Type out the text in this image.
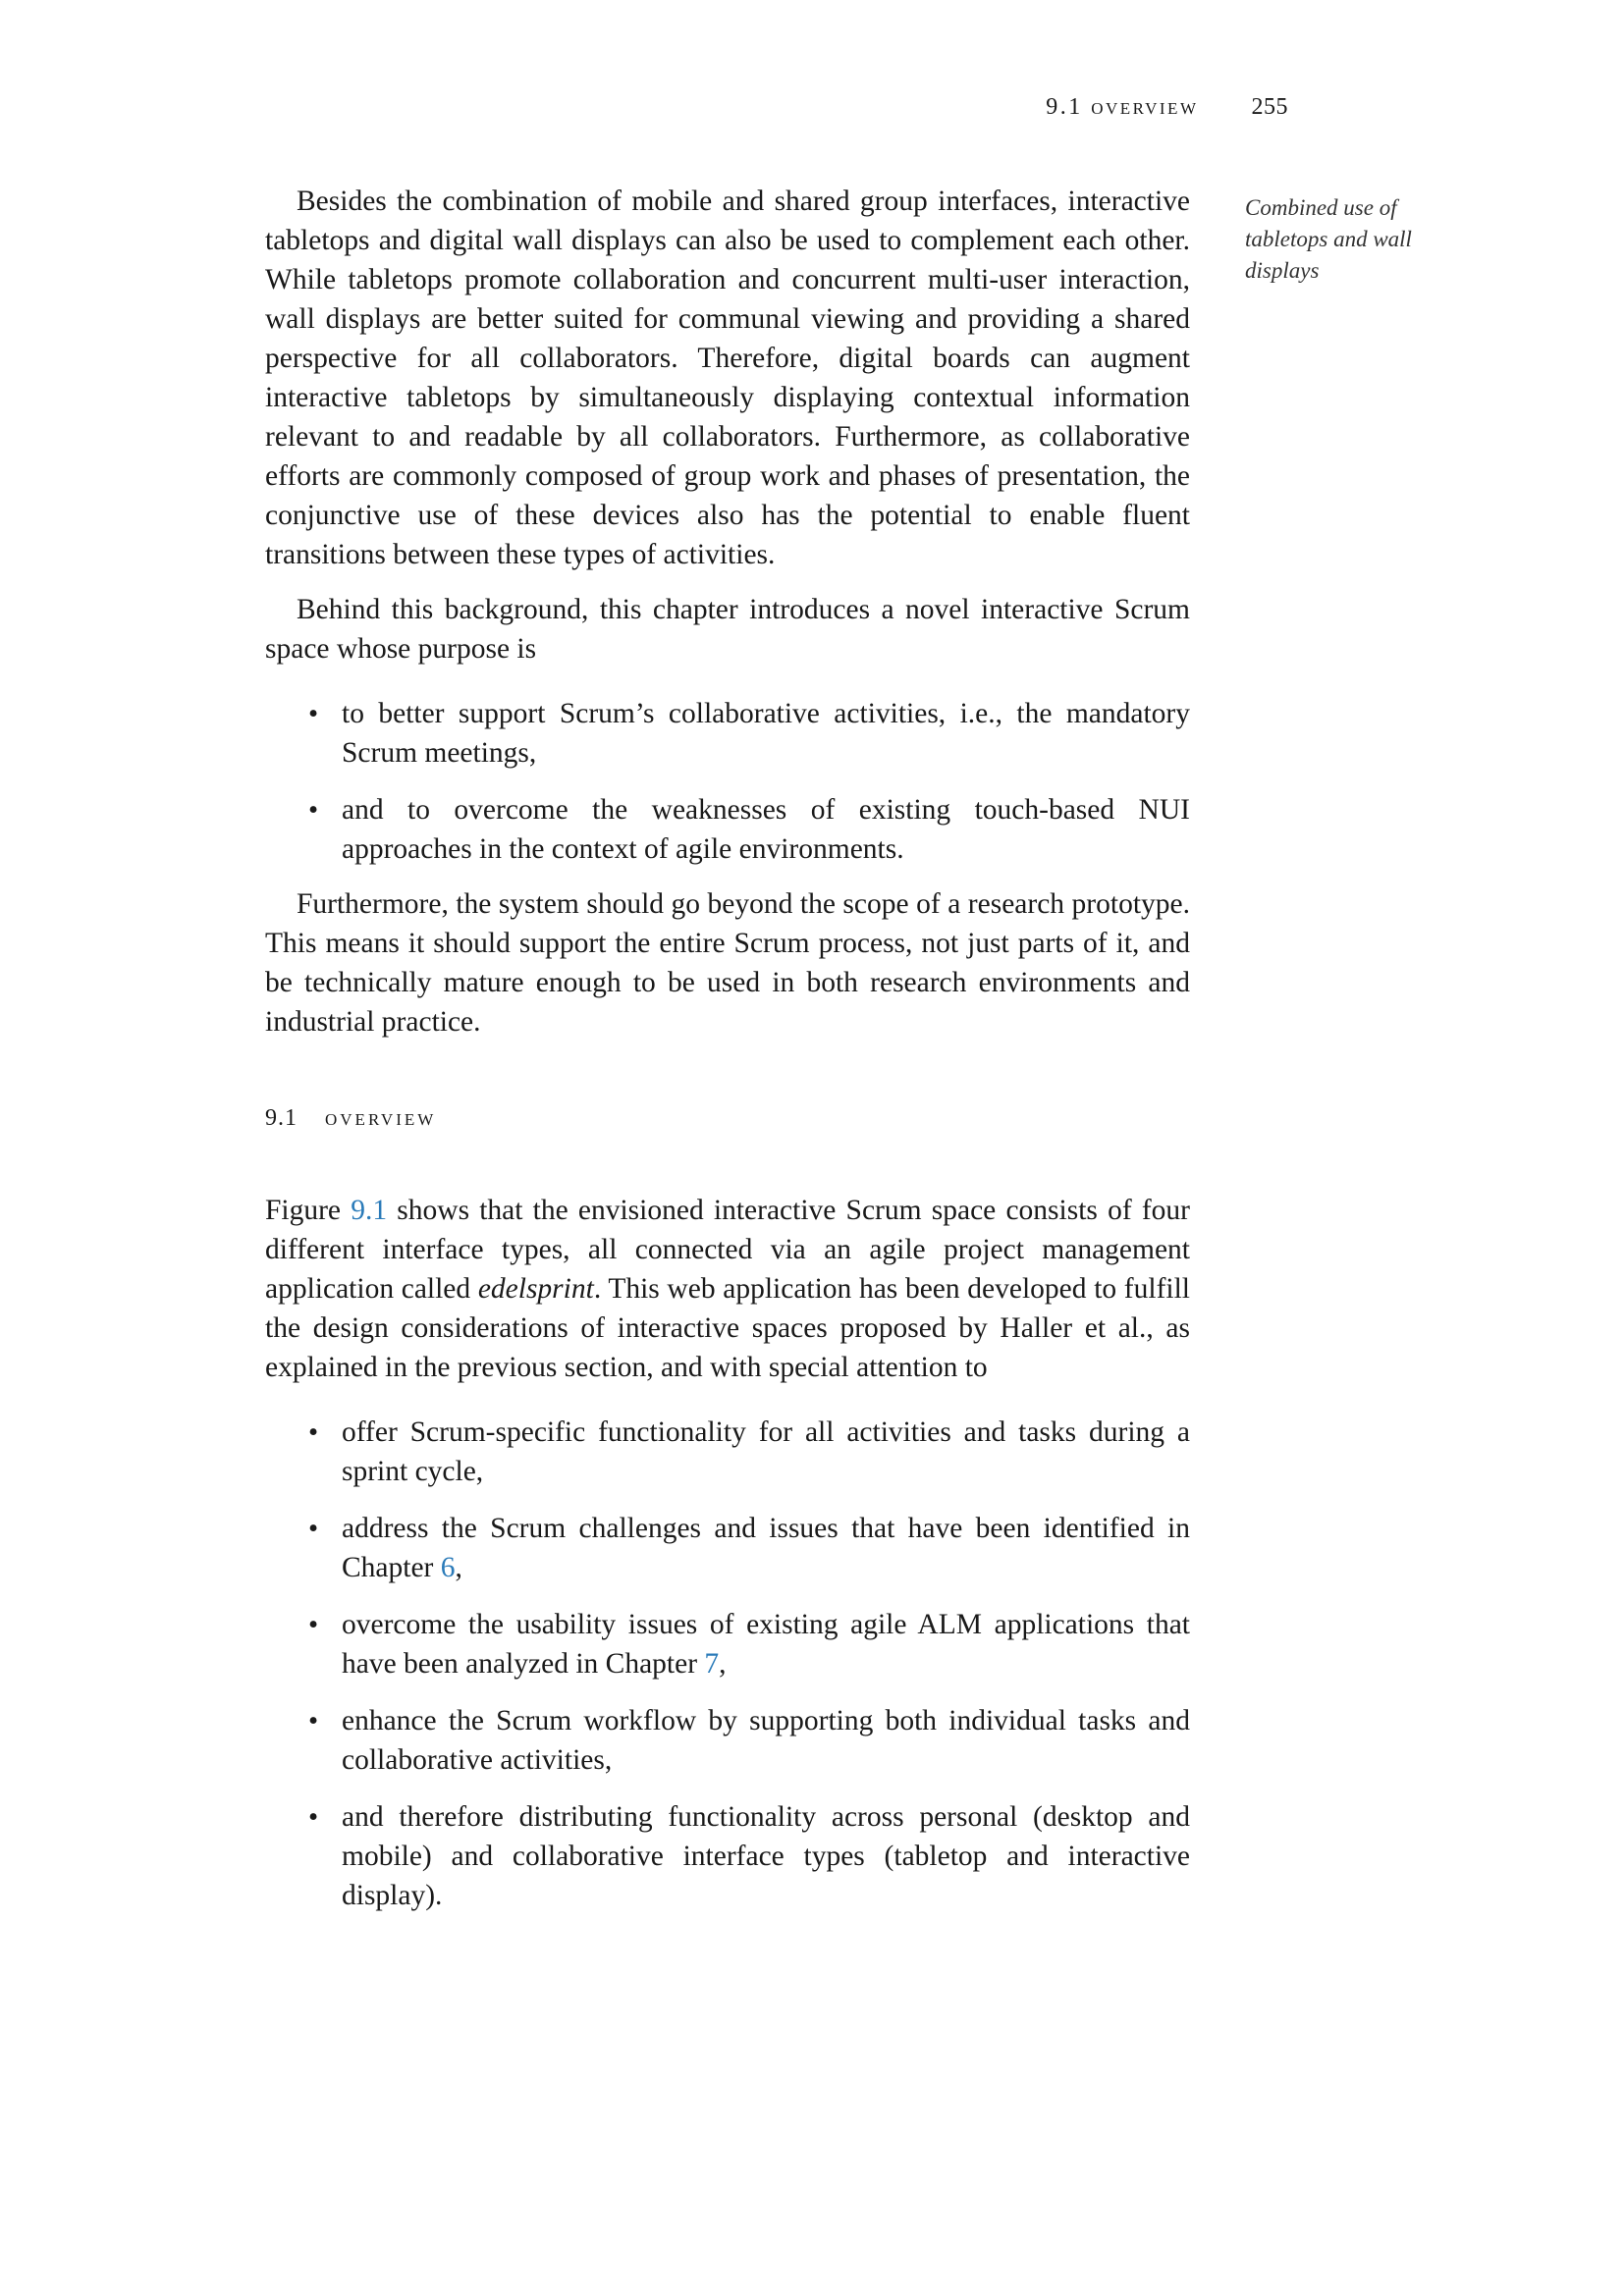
9.1 overview 255
Combined use of tabletops and wall displays

Besides the combination of mobile and shared group interfaces, interactive tabletops and digital wall displays can also be used to complement each other. While tabletops promote collaboration and concurrent multi-user interaction, wall displays are better suited for communal viewing and providing a shared perspective for all collaborators. Therefore, digital boards can augment interactive tabletops by simultaneously displaying contextual information relevant to and readable by all collaborators. Furthermore, as collaborative efforts are commonly composed of group work and phases of presentation, the conjunctive use of these devices also has the potential to enable fluent transitions between these types of activities.

Behind this background, this chapter introduces a novel interactive Scrum space whose purpose is

• to better support Scrum’s collaborative activities, i.e., the mandatory Scrum meetings,
• and to overcome the weaknesses of existing touch-based NUI approaches in the context of agile environments.

Furthermore, the system should go beyond the scope of a research prototype. This means it should support the entire Scrum process, not just parts of it, and be technically mature enough to be used in both research environments and industrial practice.

9.1 overview

Figure 9.1 shows that the envisioned interactive Scrum space consists of four different interface types, all connected via an agile project management application called edelsprint. This web application has been developed to fulfill the design considerations of interactive spaces proposed by Haller et al., as explained in the previous section, and with special attention to

• offer Scrum-specific functionality for all activities and tasks during a sprint cycle,
• address the Scrum challenges and issues that have been identified in Chapter 6,
• overcome the usability issues of existing agile ALM applications that have been analyzed in Chapter 7,
• enhance the Scrum workflow by supporting both individual tasks and collaborative activities,
• and therefore distributing functionality across personal (desktop and mobile) and collaborative interface types (tabletop and interactive display).
